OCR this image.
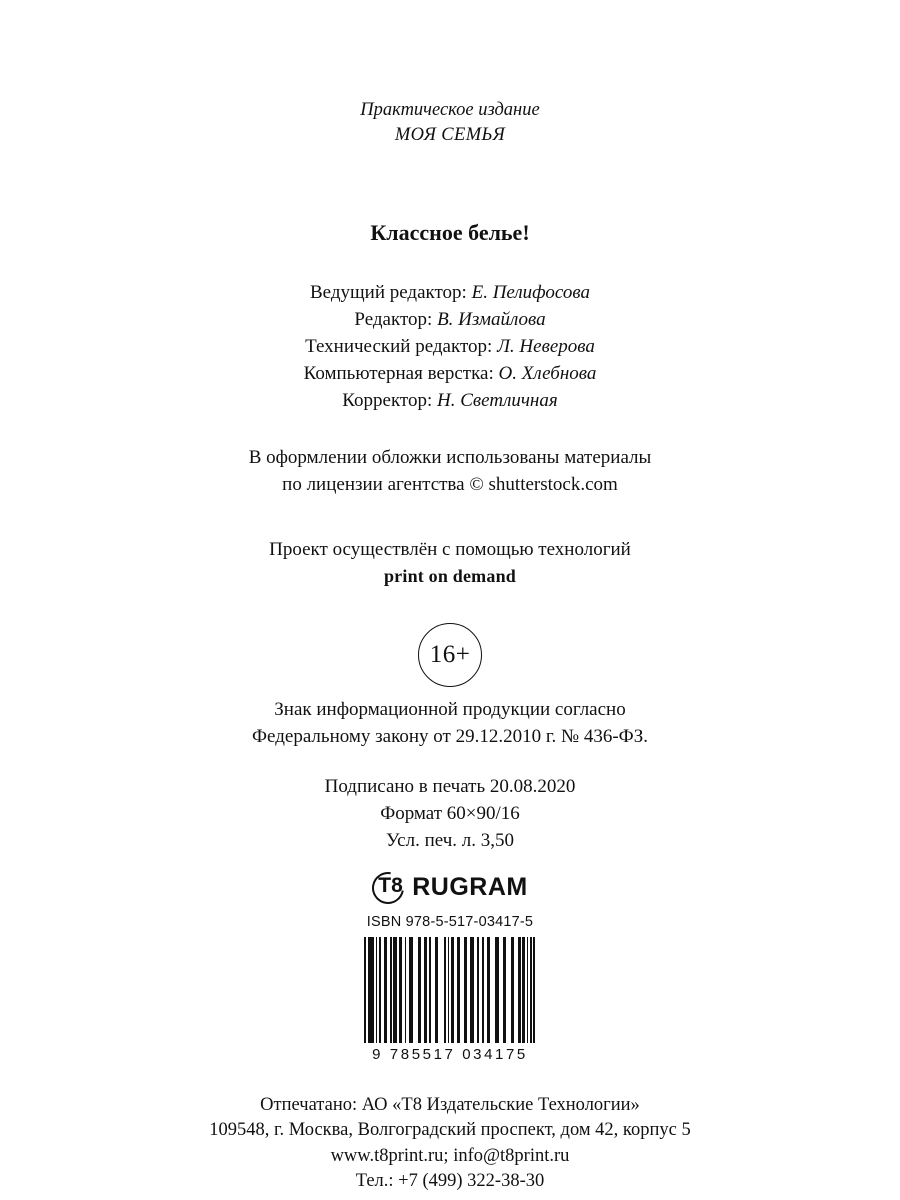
Практическое издание
МОЯ СЕМЬЯ
Классное белье!
Ведущий редактор: Е. Пелифосова
Редактор: В. Измайлова
Технический редактор: Л. Неверова
Компьютерная верстка: О. Хлебнова
Корректор: Н. Светличная
В оформлении обложки использованы материалы
по лицензии агентства © shutterstock.com
Проект осуществлён с помощью технологий
print on demand
16+
Знак информационной продукции согласно
Федеральному закону от 29.12.2010 г. № 436-ФЗ.
Подписано в печать 20.08.2020
Формат 60×90/16
Усл. печ. л. 3,50
T8 RUGRAM
ISBN 978-5-517-03417-5
9 785517 034175
Отпечатано: АО «Т8 Издательские Технологии»
109548, г. Москва, Волгоградский проспект, дом 42, корпус 5
www.t8print.ru; info@t8print.ru
Тел.: +7 (499) 322-38-30
